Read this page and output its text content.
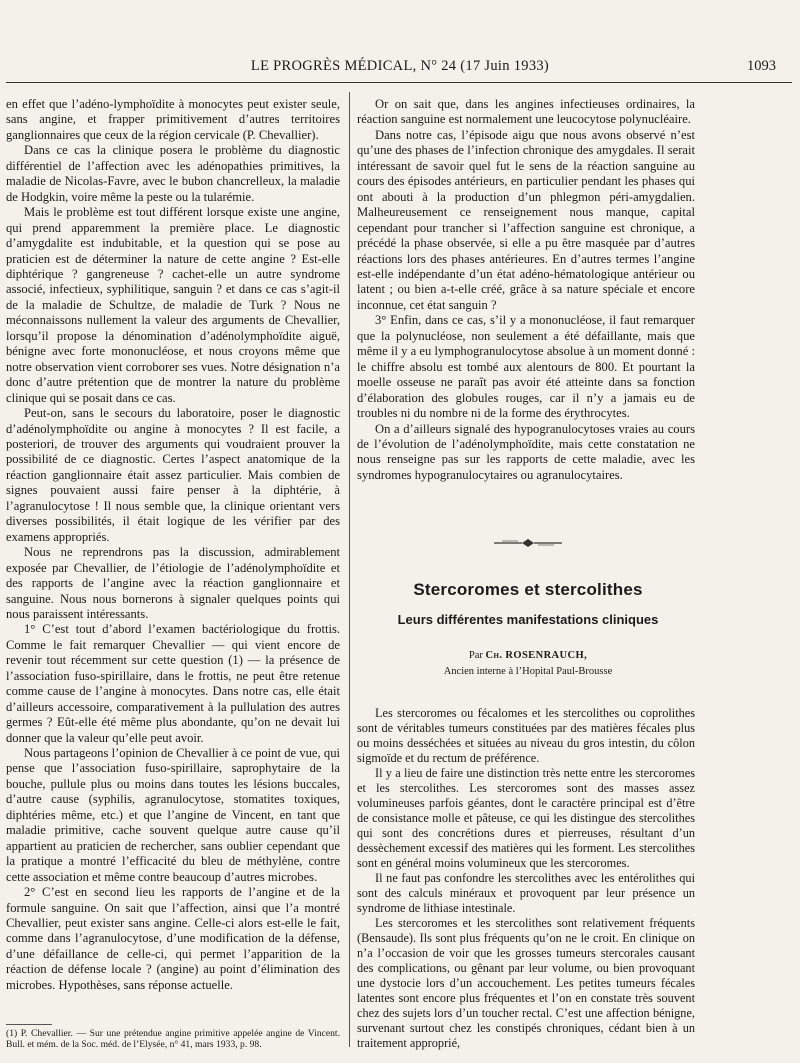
LE PROGRÈS MÉDICAL, N° 24 (17 Juin 1933)	1093

en effet que l’adéno-lymphoïdite à monocytes peut exister seule, sans angine, et frapper primitivement d’autres territoires ganglionnaires que ceux de la région cervicale (P. Chevallier).

Dans ce cas la clinique posera le problème du diagnostic différentiel de l’affection avec les adénopathies primitives, la maladie de Nicolas-Favre, avec le bubon chancrelleux, la maladie de Hodgkin, voire même la peste ou la tularémie.

Mais le problème est tout différent lorsque existe une angine, qui prend apparemment la première place. Le diagnostic d’amygdalite est indubitable, et la question qui se pose au praticien est de déterminer la nature de cette angine ? Est-elle diphtérique ? gangreneuse ? cachet-elle un autre syndrome associé, infectieux, syphilitique, sanguin ? et dans ce cas s’agit-il de la maladie de Schultze, de maladie de Turk ? Nous ne méconnaissons nullement la valeur des arguments de Chevallier, lorsqu’il propose la dénomination d’adénolymphoïdite aiguë, bénigne avec forte mononucléose, et nous croyons même que notre observation vient corroborer ses vues. Notre désignation n’a donc d’autre prétention que de montrer la nature du problème clinique qui se posait dans ce cas.

Peut-on, sans le secours du laboratoire, poser le diagnostic d’adénolymphoïdite ou angine à monocytes ? Il est facile, a posteriori, de trouver des arguments qui voudraient prouver la possibilité de ce diagnostic. Certes l’aspect anatomique de la réaction ganglionnaire était assez particulier. Mais combien de signes pouvaient aussi faire penser à la diphtérie, à l’agranulocytose ! Il nous semble que, la clinique orientant vers diverses possibilités, il était logique de les vérifier par des examens appropriés.

Nous ne reprendrons pas la discussion, admirablement exposée par Chevallier, de l’étiologie de l’adénolymphoïdite et des rapports de l’angine avec la réaction ganglionnaire et sanguine. Nous nous bornerons à signaler quelques points qui nous paraissent intéressants.

1° C’est tout d’abord l’examen bactériologique du frottis. Comme le fait remarquer Chevallier — qui vient encore de revenir tout récemment sur cette question (1) — la présence de l’association fuso-spirillaire, dans le frottis, ne peut être retenue comme cause de l’angine à monocytes. Dans notre cas, elle était d’ailleurs accessoire, comparativement à la pullulation des autres germes ? Eût-elle été même plus abondante, qu’on ne devait lui donner que la valeur qu’elle peut avoir.

Nous partageons l’opinion de Chevallier à ce point de vue, qui pense que l’association fuso-spirillaire, saprophytaire de la bouche, pullule plus ou moins dans toutes les lésions buccales, d’autre cause (syphilis, agranulocytose, stomatites toxiques, diphtéries même, etc.) et que l’angine de Vincent, en tant que maladie primitive, cache souvent quelque autre cause qu’il appartient au praticien de rechercher, sans oublier cependant que la pratique a montré l’efficacité du bleu de méthylène, contre cette association et même contre beaucoup d’autres microbes.

2° C’est en second lieu les rapports de l’angine et de la formule sanguine. On sait que l’affection, ainsi que l’a montré Chevallier, peut exister sans angine. Celle-ci alors est-elle le fait, comme dans l’agranulocytose, d’une modification de la défense, d’une défaillance de celle-ci, qui permet l’apparition de la réaction de défense locale ? (angine) au point d’élimination des microbes. Hypothèses, sans réponse actuelle.

(1) P. Chevallier. — Sur une prétendue angine primitive appelée angine de Vincent. Bull. et mém. de la Soc. méd. de l’Elysée, n° 41, mars 1933, p. 98.

Or on sait que, dans les angines infectieuses ordinaires, la réaction sanguine est normalement une leucocytose polynucléaire.

Dans notre cas, l’épisode aigu que nous avons observé n’est qu’une des phases de l’infection chronique des amygdales. Il serait intéressant de savoir quel fut le sens de la réaction sanguine au cours des épisodes antérieurs, en particulier pendant les phases qui ont abouti à la production d’un phlegmon péri-amygdalien. Malheureusement ce renseignement nous manque, capital cependant pour trancher si l’affection sanguine est chronique, a précédé la phase observée, si elle a pu être masquée par d’autres réactions lors des phases antérieures. En d’autres termes l’angine est-elle indépendante d’un état adéno-hématologique antérieur ou latent ; ou bien a-t-elle créé, grâce à sa nature spéciale et encore inconnue, cet état sanguin ?

3° Enfin, dans ce cas, s’il y a mononucléose, il faut remarquer que la polynucléose, non seulement a été défaillante, mais que même il y a eu lymphogranulocytose absolue à un moment donné : le chiffre absolu est tombé aux alentours de 800. Et pourtant la moelle osseuse ne paraît pas avoir été atteinte dans sa fonction d’élaboration des globules rouges, car il n’y a jamais eu de troubles ni du nombre ni de la forme des érythrocytes.

On a d’ailleurs signalé des hypogranulocytoses vraies au cours de l’évolution de l’adénolymphoïdite, mais cette constatation ne nous renseigne pas sur les rapports de cette maladie, avec les syndromes hypogranulocytaires ou agranulocytaires.

Stercoromes et stercolithes
Leurs différentes manifestations cliniques
Par Ch. ROSENRAUCH,
Ancien interne à l’Hopital Paul-Brousse

Les stercoromes ou fécalomes et les stercolithes ou coprolithes sont de véritables tumeurs constituées par des matières fécales plus ou moins desséchées et situées au niveau du gros intestin, du côlon sigmoïde et du rectum de préférence.

Il y a lieu de faire une distinction très nette entre les stercoromes et les stercolithes. Les stercoromes sont des masses assez volumineuses parfois géantes, dont le caractère principal est d’être de consistance molle et pâteuse, ce qui les distingue des stercolithes qui sont des concrétions dures et pierreuses, résultant d’un dessèchement excessif des matières qui les forment. Les stercolithes sont en général moins volumineux que les stercoromes.

Il ne faut pas confondre les stercolithes avec les entérolithes qui sont des calculs minéraux et provoquent par leur présence un syndrome de lithiase intestinale.

Les stercoromes et les stercolithes sont relativement fréquents (Bensaude). Ils sont plus fréquents qu’on ne le croit. En clinique on n’a l’occasion de voir que les grosses tumeurs stercorales causant des complications, ou gênant par leur volume, ou bien provoquant une dystocie lors d’un accouchement. Les petites tumeurs fécales latentes sont encore plus fréquentes et l’on en constate très souvent chez des sujets lors d’un toucher rectal. C’est une affection bénigne, survenant surtout chez les constipés chroniques, cédant bien à un traitement approprié,
